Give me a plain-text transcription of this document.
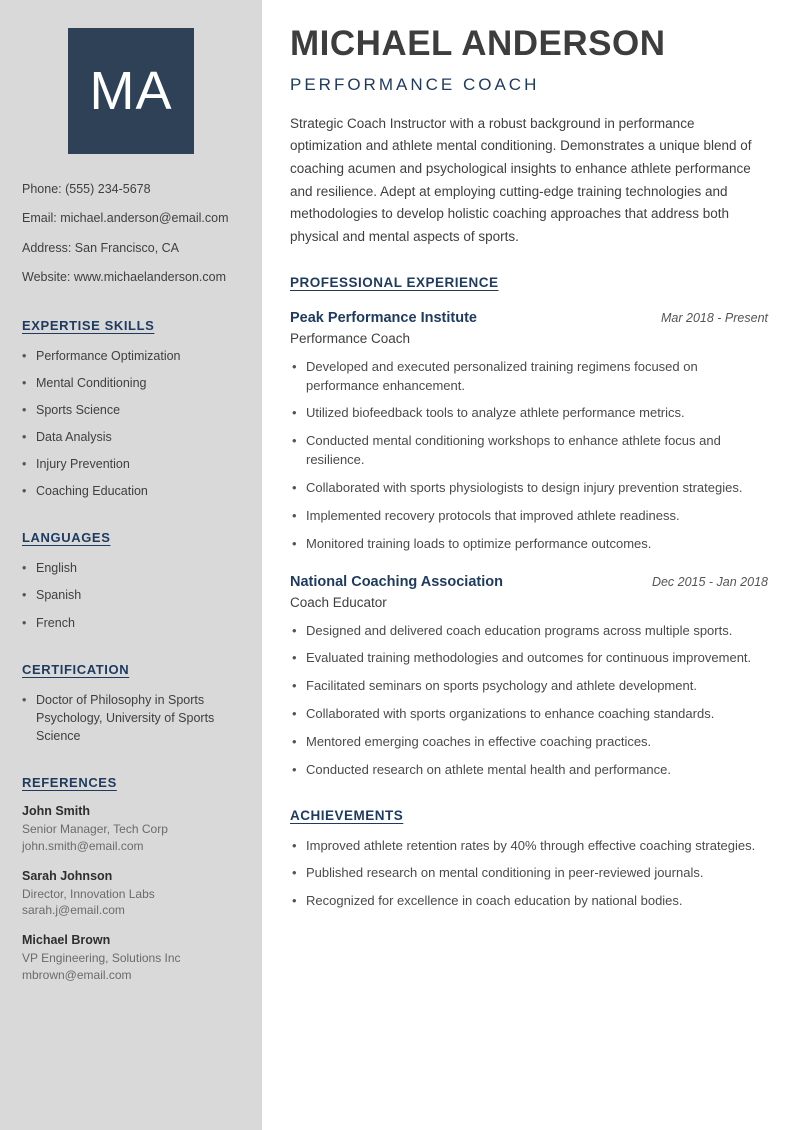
MA
Phone: (555) 234-5678
Email: michael.anderson@email.com
Address: San Francisco, CA
Website: www.michaelanderson.com
EXPERTISE SKILLS
• Performance Optimization
• Mental Conditioning
• Sports Science
• Data Analysis
• Injury Prevention
• Coaching Education
LANGUAGES
• English
• Spanish
• French
CERTIFICATION
• Doctor of Philosophy in Sports Psychology, University of Sports Science
REFERENCES
John Smith
Senior Manager, Tech Corp
john.smith@email.com
Sarah Johnson
Director, Innovation Labs
sarah.j@email.com
Michael Brown
VP Engineering, Solutions Inc
mbrown@email.com
MICHAEL ANDERSON
PERFORMANCE COACH

Strategic Coach Instructor with a robust background in performance optimization and athlete mental conditioning. Demonstrates a unique blend of coaching acumen and psychological insights to enhance athlete performance and resilience. Adept at employing cutting-edge training technologies and methodologies to develop holistic coaching approaches that address both physical and mental aspects of sports.

PROFESSIONAL EXPERIENCE
Peak Performance Institute	Mar 2018 - Present
Performance Coach
• Developed and executed personalized training regimens focused on performance enhancement.
• Utilized biofeedback tools to analyze athlete performance metrics.
• Conducted mental conditioning workshops to enhance athlete focus and resilience.
• Collaborated with sports physiologists to design injury prevention strategies.
• Implemented recovery protocols that improved athlete readiness.
• Monitored training loads to optimize performance outcomes.
National Coaching Association	Dec 2015 - Jan 2018
Coach Educator
• Designed and delivered coach education programs across multiple sports.
• Evaluated training methodologies and outcomes for continuous improvement.
• Facilitated seminars on sports psychology and athlete development.
• Collaborated with sports organizations to enhance coaching standards.
• Mentored emerging coaches in effective coaching practices.
• Conducted research on athlete mental health and performance.
ACHIEVEMENTS
• Improved athlete retention rates by 40% through effective coaching strategies.
• Published research on mental conditioning in peer-reviewed journals.
• Recognized for excellence in coach education by national bodies.
